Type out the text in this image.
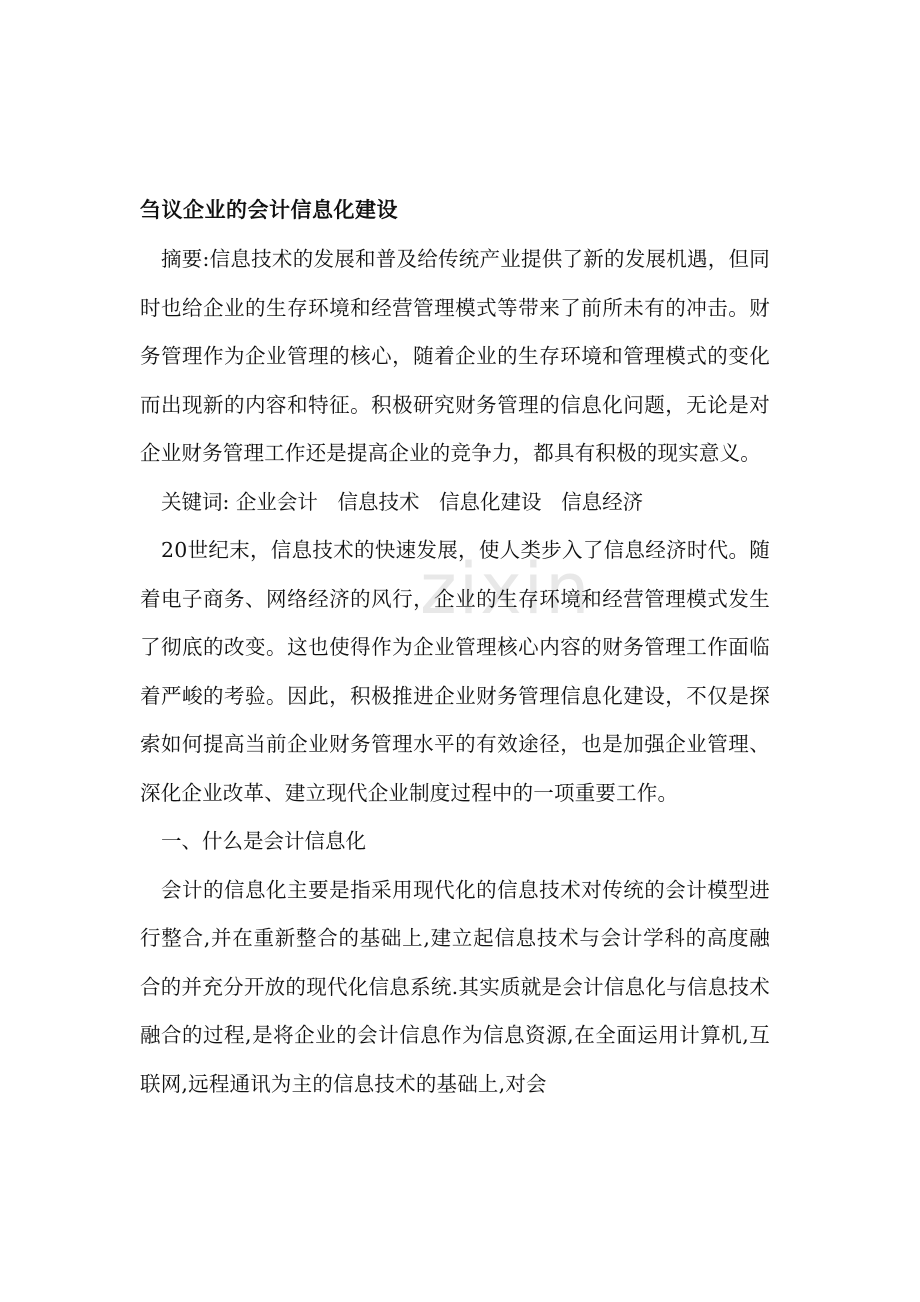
zixin
刍议企业的会计信息化建设

摘要:信息技术的发展和普及给传统产业提供了新的发展机遇，但同时也给企业的生存环境和经营管理模式等带来了前所未有的冲击。财务管理作为企业管理的核心，随着企业的生存环境和管理模式的变化而出现新的内容和特征。积极研究财务管理的信息化问题，无论是对企业财务管理工作还是提高企业的竞争力，都具有积极的现实意义。

关键词: 企业会计   信息技术   信息化建设   信息经济

20世纪末，信息技术的快速发展，使人类步入了信息经济时代。随着电子商务、网络经济的风行，企业的生存环境和经营管理模式发生了彻底的改变。这也使得作为企业管理核心内容的财务管理工作面临着严峻的考验。因此，积极推进企业财务管理信息化建设，不仅是探索如何提高当前企业财务管理水平的有效途径，也是加强企业管理、深化企业改革、建立现代企业制度过程中的一项重要工作。

一、什么是会计信息化

会计的信息化主要是指采用现代化的信息技术对传统的会计模型进行整合,并在重新整合的基础上,建立起信息技术与会计学科的高度融合的并充分开放的现代化信息系统.其实质就是会计信息化与信息技术融合的过程,是将企业的会计信息作为信息资源,在全面运用计算机,互联网,远程通讯为主的信息技术的基础上,对会
